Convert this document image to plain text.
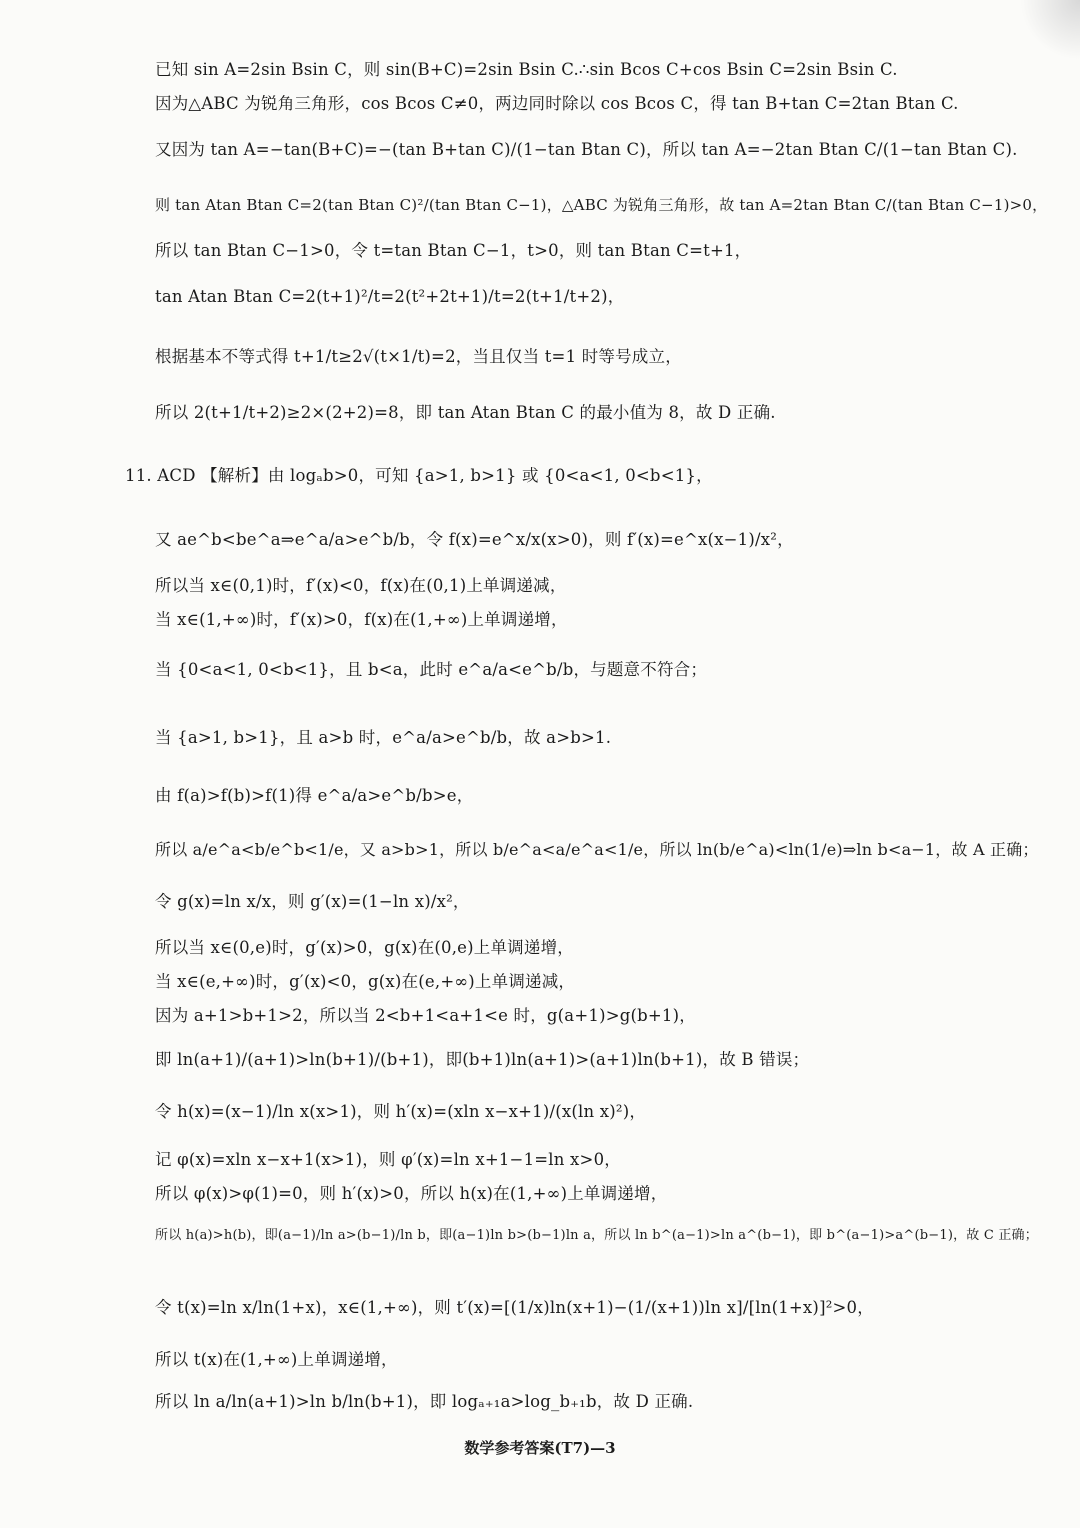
已知 sin A=2sin Bsin C，则 sin(B+C)=2sin Bsin C.∴sin Bcos C+cos Bsin C=2sin Bsin C.
因为△ABC 为锐角三角形，cos Bcos C≠0，两边同时除以 cos Bcos C，得 tan B+tan C=2tan Btan C.
又因为 tan A=−tan(B+C)=−(tan B+tan C)/(1−tan Btan C)，所以 tan A=−2tan Btan C/(1−tan Btan C).
则 tan Atan Btan C=2(tan Btan C)²/(tan Btan C−1)，△ABC 为锐角三角形，故 tan A=2tan Btan C/(tan Btan C−1)>0，
所以 tan Btan C−1>0，令 t=tan Btan C−1，t>0，则 tan Btan C=t+1，
tan Atan Btan C=2(t+1)²/t=2(t²+2t+1)/t=2(t+1/t+2)，
根据基本不等式得 t+1/t≥2√(t×1/t)=2，当且仅当 t=1 时等号成立，
所以 2(t+1/t+2)≥2×(2+2)=8，即 tan Atan Btan C 的最小值为 8，故 D 正确.
11. ACD 【解析】由 logₐb>0，可知 {a>1, b>1} 或 {0<a<1, 0<b<1}，
又 ae^b<be^a⇒e^a/a>e^b/b，令 f(x)=e^x/x(x>0)，则 f′(x)=e^x(x−1)/x²，
所以当 x∈(0,1)时，f′(x)<0，f(x)在(0,1)上单调递减，
当 x∈(1,+∞)时，f′(x)>0，f(x)在(1,+∞)上单调递增，
当 {0<a<1, 0<b<1}，且 b<a，此时 e^a/a<e^b/b，与题意不符合；
当 {a>1, b>1}，且 a>b 时，e^a/a>e^b/b，故 a>b>1.
由 f(a)>f(b)>f(1)得 e^a/a>e^b/b>e，
所以 a/e^a<b/e^b<1/e，又 a>b>1，所以 b/e^a<a/e^a<1/e，所以 ln(b/e^a)<ln(1/e)⇒ln b<a−1，故 A 正确；
令 g(x)=ln x/x，则 g′(x)=(1−ln x)/x²，
所以当 x∈(0,e)时，g′(x)>0，g(x)在(0,e)上单调递增，
当 x∈(e,+∞)时，g′(x)<0，g(x)在(e,+∞)上单调递减，
因为 a+1>b+1>2，所以当 2<b+1<a+1<e 时，g(a+1)>g(b+1)，
即 ln(a+1)/(a+1)>ln(b+1)/(b+1)，即(b+1)ln(a+1)>(a+1)ln(b+1)，故 B 错误；
令 h(x)=(x−1)/ln x(x>1)，则 h′(x)=(xln x−x+1)/(x(ln x)²)，
记 φ(x)=xln x−x+1(x>1)，则 φ′(x)=ln x+1−1=ln x>0，
所以 φ(x)>φ(1)=0，则 h′(x)>0，所以 h(x)在(1,+∞)上单调递增，
所以 h(a)>h(b)，即(a−1)/ln a>(b−1)/ln b，即(a−1)ln b>(b−1)ln a，所以 ln b^(a−1)>ln a^(b−1)，即 b^(a−1)>a^(b−1)，故 C 正确；
令 t(x)=ln x/ln(1+x)，x∈(1,+∞)，则 t′(x)=[(1/x)ln(x+1)−(1/(x+1))ln x]/[ln(1+x)]²>0，
所以 t(x)在(1,+∞)上单调递增，
所以 ln a/ln(a+1)>ln b/ln(b+1)，即 logₐ₊₁a>log_b₊₁b，故 D 正确.
数学参考答案(T7)—3
